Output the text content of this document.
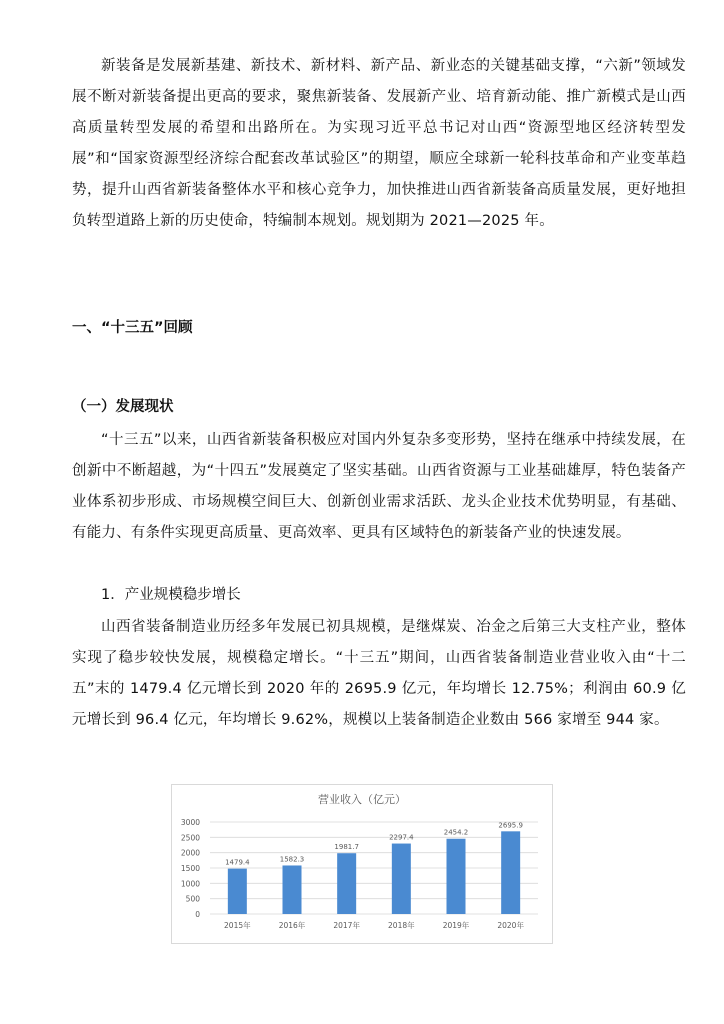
新装备是发展新基建、新技术、新材料、新产品、新业态的关键基础支撑，“六新”领域发展不断对新装备提出更高的要求，聚焦新装备、发展新产业、培育新动能、推广新模式是山西高质量转型发展的希望和出路所在。为实现习近平总书记对山西“资源型地区经济转型发展”和“国家资源型经济综合配套改革试验区”的期望，顺应全球新一轮科技革命和产业变革趋势，提升山西省新装备整体水平和核心竞争力，加快推进山西省新装备高质量发展，更好地担负转型道路上新的历史使命，特编制本规划。规划期为 2021—2025 年。

一、“十三五”回顾

（一）发展现状

“十三五”以来，山西省新装备积极应对国内外复杂多变形势，坚持在继承中持续发展，在创新中不断超越，为“十四五”发展奠定了坚实基础。山西省资源与工业基础雄厚，特色装备产业体系初步形成、市场规模空间巨大、创新创业需求活跃、龙头企业技术优势明显，有基础、有能力、有条件实现更高质量、更高效率、更具有区域特色的新装备产业的快速发展。

1．产业规模稳步增长

山西省装备制造业历经多年发展已初具规模，是继煤炭、冶金之后第三大支柱产业，整体实现了稳步较快发展，规模稳定增长。“十三五”期间，山西省装备制造业营业收入由“十二五”末的 1479.4 亿元增长到 2020 年的 2695.9 亿元，年均增长 12.75%；利润由 60.9 亿元增长到 96.4 亿元，年均增长 9.62%，规模以上装备制造企业数由 566 家增至 944 家。

营业收入（亿元）
0
500
1000
1500
2000
2500
3000
1479.4
2015年
1582.3
2016年
1981.7
2017年
2297.4
2018年
2454.2
2019年
2695.9
2020年
